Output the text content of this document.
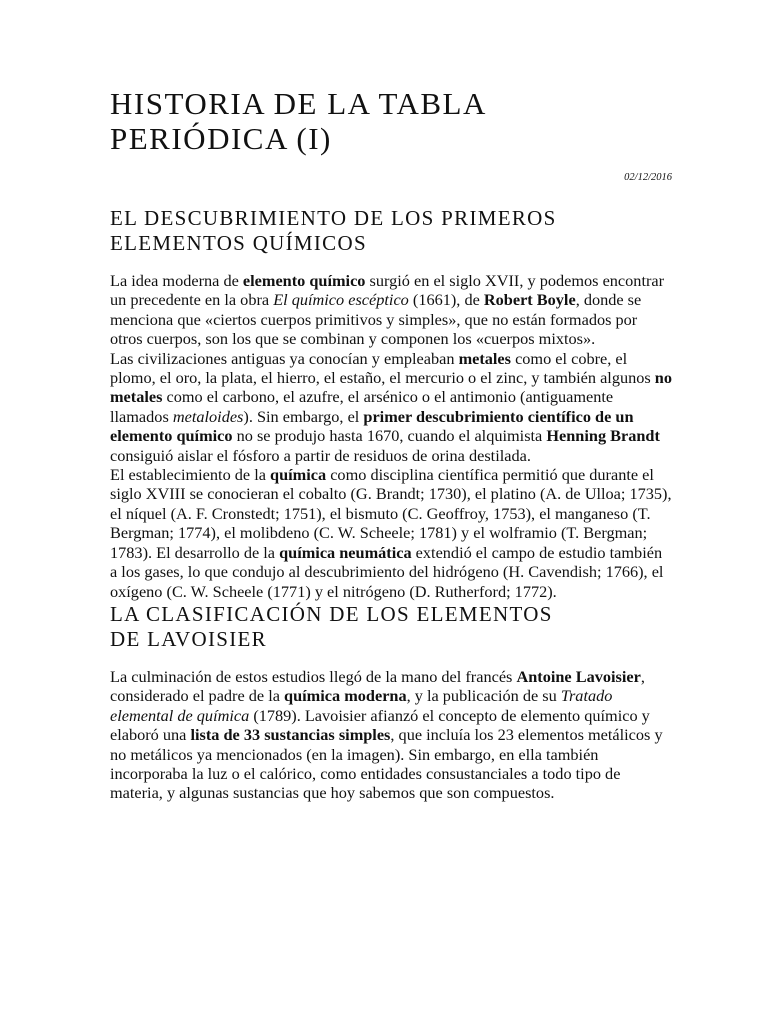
HISTORIA DE LA TABLA
PERIÓDICA (I)
02/12/2016
EL DESCUBRIMIENTO DE LOS PRIMEROS
ELEMENTOS QUÍMICOS

La idea moderna de elemento químico surgió en el siglo XVII, y podemos encontrar un precedente en la obra El químico escéptico (1661), de Robert Boyle, donde se menciona que «ciertos cuerpos primitivos y simples», que no están formados por otros cuerpos, son los que se combinan y componen los «cuerpos mixtos».

Las civilizaciones antiguas ya conocían y empleaban metales como el cobre, el plomo, el oro, la plata, el hierro, el estaño, el mercurio o el zinc, y también algunos no metales como el carbono, el azufre, el arsénico o el antimonio (antiguamente llamados metaloides). Sin embargo, el primer descubrimiento científico de un elemento químico no se produjo hasta 1670, cuando el alquimista Henning Brandt consiguió aislar el fósforo a partir de residuos de orina destilada.

El establecimiento de la química como disciplina científica permitió que durante el siglo XVIII se conocieran el cobalto (G. Brandt; 1730), el platino (A. de Ulloa; 1735), el níquel (A. F. Cronstedt; 1751), el bismuto (C. Geoffroy, 1753), el manganeso (T. Bergman; 1774), el molibdeno (C. W. Scheele; 1781) y el wolframio (T. Bergman; 1783). El desarrollo de la química neumática extendió el campo de estudio también a los gases, lo que condujo al descubrimiento del hidrógeno (H. Cavendish; 1766), el oxígeno (C. W. Scheele (1771) y el nitrógeno (D. Rutherford; 1772).

LA CLASIFICACIÓN DE LOS ELEMENTOS
DE LAVOISIER

La culminación de estos estudios llegó de la mano del francés Antoine Lavoisier, considerado el padre de la química moderna, y la publicación de su Tratado elemental de química (1789). Lavoisier afianzó el concepto de elemento químico y elaboró una lista de 33 sustancias simples, que incluía los 23 elementos metálicos y no metálicos ya mencionados (en la imagen). Sin embargo, en ella también incorporaba la luz o el calórico, como entidades consustanciales a todo tipo de materia, y algunas sustancias que hoy sabemos que son compuestos.
